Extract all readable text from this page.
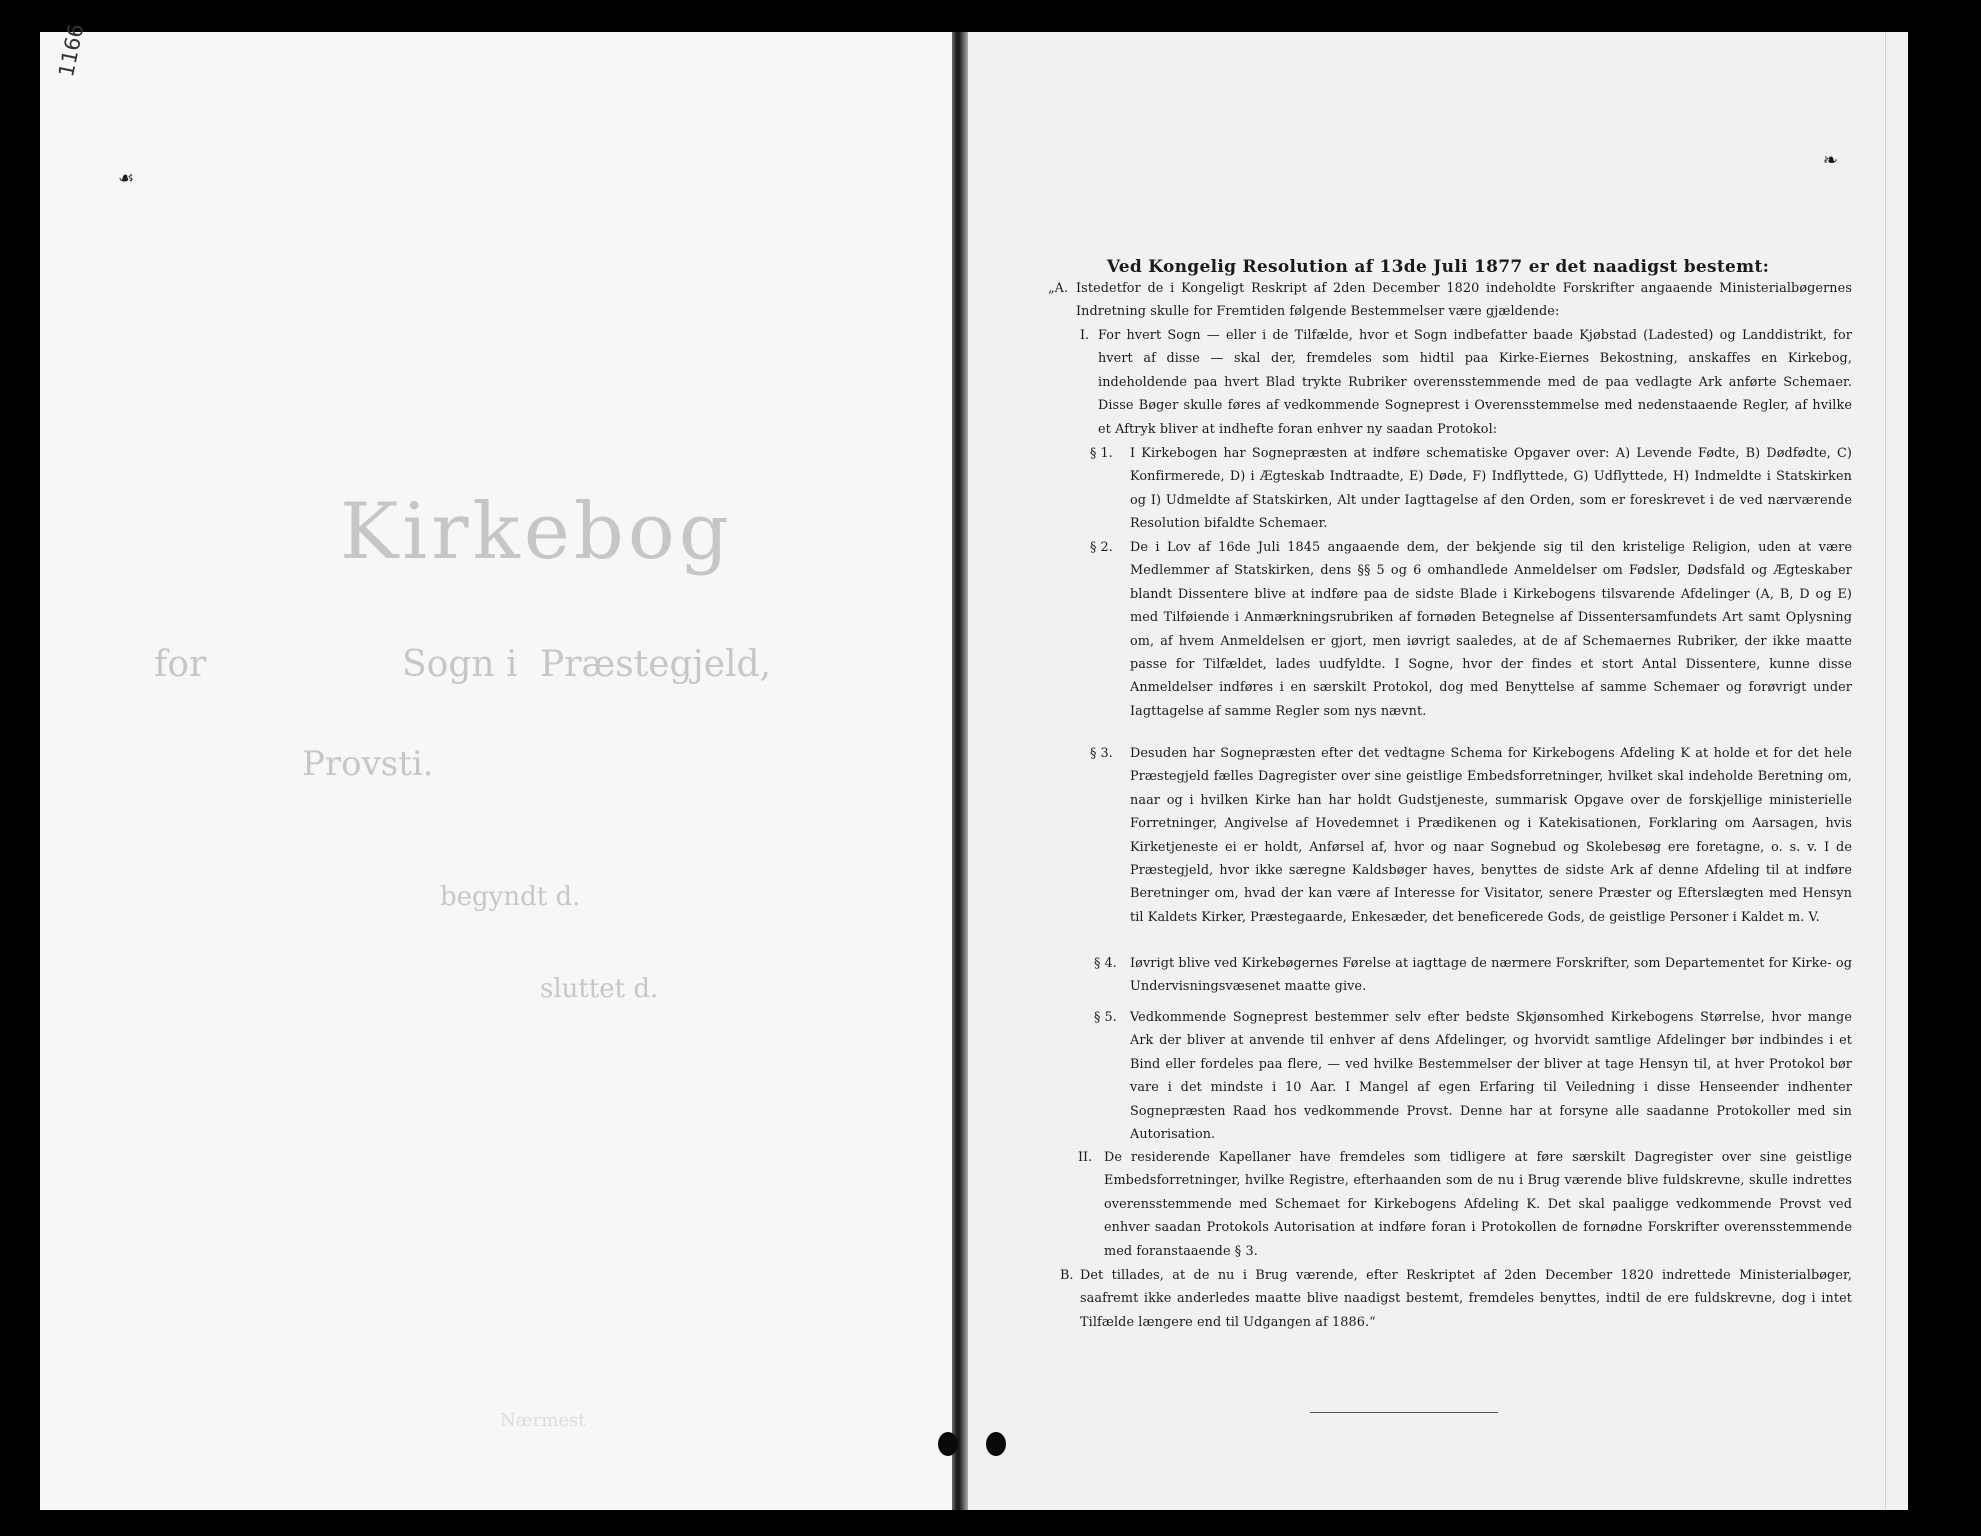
1166
☙
Kirkebog
for	Sogn i Præstegjeld,
Provsti.
begyndt d.
sluttet d.
Nærmest
❧
Ved Kongelig Resolution af 13de Juli 1877 er det naadigst bestemt:
„A. Istedetfor de i Kongeligt Reskript af 2den December 1820 indeholdte Forskrifter angaaende Ministerialbøgernes Indretning skulle for Fremtiden følgende Bestemmelser være gjældende:

I. For hvert Sogn — eller i de Tilfælde, hvor et Sogn indbefatter baade Kjøbstad (Ladested) og Landdistrikt, for hvert af disse — skal der, fremdeles som hidtil paa Kirke-Eiernes Bekostning, anskaffes en Kirkebog, indeholdende paa hvert Blad trykte Rubriker overensstemmende med de paa vedlagte Ark anførte Schemaer. Disse Bøger skulle føres af vedkommende Sogneprest i Overensstemmelse med nedenstaaende Regler, af hvilke et Aftryk bliver at indhefte foran enhver ny saadan Protokol:

§ 1. I Kirkebogen har Sognepræsten at indføre schematiske Opgaver over: A) Levende Fødte, B) Dødfødte, C) Konfirmerede, D) i Ægteskab Indtraadte, E) Døde, F) Indflyttede, G) Udflyttede, H) Indmeldte i Statskirken og I) Udmeldte af Statskirken, Alt under Iagttagelse af den Orden, som er foreskrevet i de ved nærværende Resolution bifaldte Schemaer.

§ 2. De i Lov af 16de Juli 1845 angaaende dem, der bekjende sig til den kristelige Religion, uden at være Medlemmer af Statskirken, dens §§ 5 og 6 omhandlede Anmeldelser om Fødsler, Dødsfald og Ægteskaber blandt Dissentere blive at indføre paa de sidste Blade i Kirkebogens tilsvarende Afdelinger (A, B, D og E) med Tilføiende i Anmærkningsrubriken af fornøden Betegnelse af Dissentersamfundets Art samt Oplysning om, af hvem Anmeldelsen er gjort, men iøvrigt saaledes, at de af Schemaernes Rubriker, der ikke maatte passe for Tilfældet, lades uudfyldte. I Sogne, hvor der findes et stort Antal Dissentere, kunne disse Anmeldelser indføres i en særskilt Protokol, dog med Benyttelse af samme Schemaer og forøvrigt under Iagttagelse af samme Regler som nys nævnt.

§ 3. Desuden har Sognepræsten efter det vedtagne Schema for Kirkebogens Afdeling K at holde et for det hele Præstegjeld fælles Dagregister over sine geistlige Embedsforretninger, hvilket skal indeholde Beretning om, naar og i hvilken Kirke han har holdt Gudstjeneste, summarisk Opgave over de forskjellige ministerielle Forretninger, Angivelse af Hovedemnet i Prædikenen og i Katekisationen, Forklaring om Aarsagen, hvis Kirketjeneste ei er holdt, Anførsel af, hvor og naar Sognebud og Skolebesøg ere foretagne, o. s. v. I de Præstegjeld, hvor ikke særegne Kaldsbøger haves, benyttes de sidste Ark af denne Afdeling til at indføre Beretninger om, hvad der kan være af Interesse for Visitator, senere Præster og Efterslægten med Hensyn til Kaldets Kirker, Præstegaarde, Enkesæder, det beneficerede Gods, de geistlige Personer i Kaldet m. V.

§ 4. Iøvrigt blive ved Kirkebøgernes Førelse at iagttage de nærmere Forskrifter, som Departementet for Kirke- og Undervisningsvæsenet maatte give.

§ 5. Vedkommende Sogneprest bestemmer selv efter bedste Skjønsomhed Kirkebogens Størrelse, hvor mange Ark der bliver at anvende til enhver af dens Afdelinger, og hvorvidt samtlige Afdelinger bør indbindes i et Bind eller fordeles paa flere, — ved hvilke Bestemmelser der bliver at tage Hensyn til, at hver Protokol bør vare i det mindste i 10 Aar. I Mangel af egen Erfaring til Veiledning i disse Henseender indhenter Sognepræsten Raad hos vedkommende Provst. Denne har at forsyne alle saadanne Protokoller med sin Autorisation.

II. De residerende Kapellaner have fremdeles som tidligere at føre særskilt Dagregister over sine geistlige Embedsforretninger, hvilke Registre, efterhaanden som de nu i Brug værende blive fuldskrevne, skulle indrettes overensstemmende med Schemaet for Kirkebogens Afdeling K. Det skal paaligge vedkommende Provst ved enhver saadan Protokols Autorisation at indføre foran i Protokollen de fornødne Forskrifter overensstemmende med foranstaaende § 3.

B. Det tillades, at de nu i Brug værende, efter Reskriptet af 2den December 1820 indrettede Ministerialbøger, saafremt ikke anderledes maatte blive naadigst bestemt, fremdeles benyttes, indtil de ere fuldskrevne, dog i intet Tilfælde længere end til Udgangen af 1886.“
